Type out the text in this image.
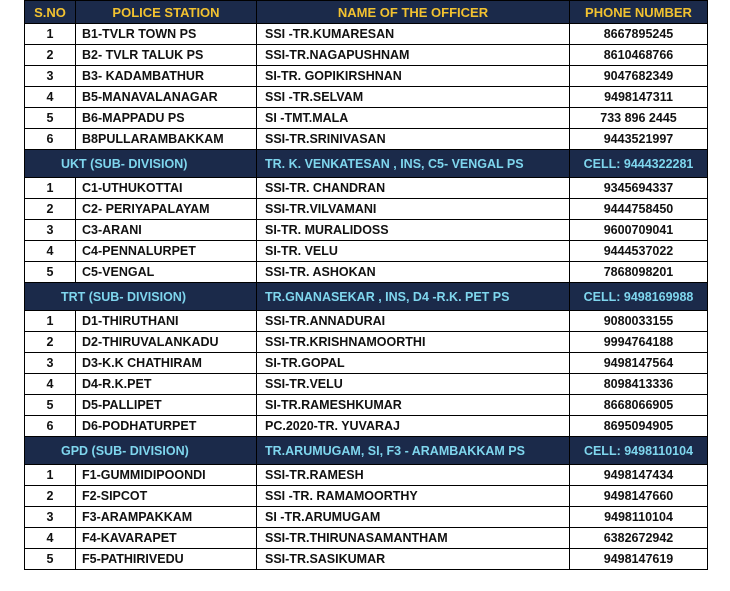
S.NO	POLICE STATION	NAME OF THE OFFICER	PHONE NUMBER
1	B1-TVLR TOWN PS	SSI -TR.KUMARESAN	8667895245
2	B2- TVLR TALUK PS	SSI-TR.NAGAPUSHNAM	8610468766
3	B3- KADAMBATHUR	SI-TR. GOPIKIRSHNAN	9047682349
4	B5-MANAVALANAGAR	SSI -TR.SELVAM	9498147311
5	B6-MAPPADU PS	SI -TMT.MALA	733 896 2445
6	B8PULLARAMBAKKAM	SSI-TR.SRINIVASAN	9443521997
UKT (SUB- DIVISION)		TR. K. VENKATESAN , INS, C5- VENGAL PS	CELL: 9444322281
1	C1-UTHUKOTTAI	SSI-TR. CHANDRAN	9345694337
2	C2- PERIYAPALAYAM	SSI-TR.VILVAMANI	9444758450
3	C3-ARANI	SI-TR. MURALIDOSS	9600709041
4	C4-PENNALURPET	SI-TR. VELU	9444537022
5	C5-VENGAL	SSI-TR. ASHOKAN	7868098201
TRT (SUB- DIVISION)		TR.GNANASEKAR , INS, D4 -R.K. PET PS	CELL: 9498169988
1	D1-THIRUTHANI	SSI-TR.ANNADURAI	9080033155
2	D2-THIRUVALANKADU	SSI-TR.KRISHNAMOORTHI	9994764188
3	D3-K.K CHATHIRAM	SI-TR.GOPAL	9498147564
4	D4-R.K.PET	SSI-TR.VELU	8098413336
5	D5-PALLIPET	SI-TR.RAMESHKUMAR	8668066905
6	D6-PODHATURPET	PC.2020-TR. YUVARAJ	8695094905
GPD (SUB- DIVISION)		TR.ARUMUGAM, SI, F3 - ARAMBAKKAM PS	CELL: 9498110104
1	F1-GUMMIDIPOONDI	SSI-TR.RAMESH	9498147434
2	F2-SIPCOT	SSI -TR. RAMAMOORTHY	9498147660
3	F3-ARAMPAKKAM	SI -TR.ARUMUGAM	9498110104
4	F4-KAVARAPET	SSI-TR.THIRUNASAMANTHAM	6382672942
5	F5-PATHIRIVEDU	SSI-TR.SASIKUMAR	9498147619
